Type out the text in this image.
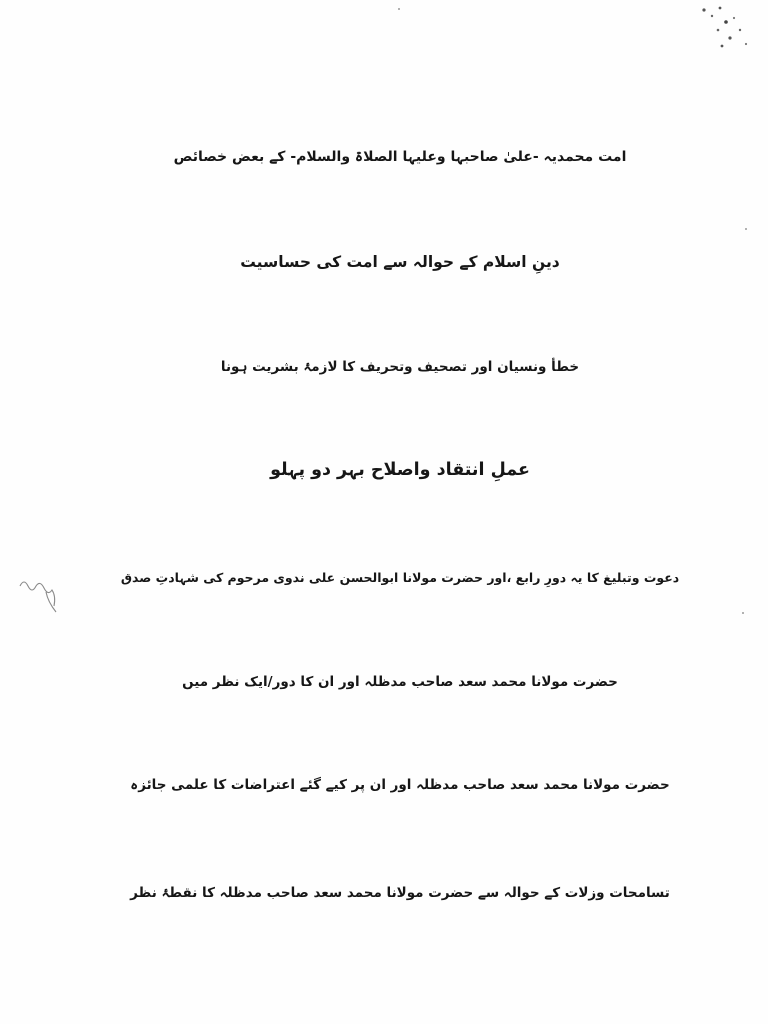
امت محمدیہ -علیٰ صاحبہا وعلیہا الصلاۃ والسلام- کے بعض خصائص
دینِ اسلام کے حوالہ سے امت کی حساسیت
خطأ ونسیان اور تصحیف وتحریف کا لازمۂ بشریت ہونا
عملِ انتقاد واصلاح بہر دو پہلو
دعوت وتبلیغ کا یہ دورِ رابع ،اور حضرت مولانا ابوالحسن علی ندوی مرحوم کی شہادتِ صدق
حضرت مولانا محمد سعد صاحب مدظلہ اور ان کا دور/ایک نظر میں
حضرت مولانا محمد سعد صاحب مدظلہ اور ان پر کیے گئے اعتراضات کا علمی جائزہ
تسامحات وزلات کے حوالہ سے حضرت مولانا محمد سعد صاحب مدظلہ کا نقطۂ نظر
